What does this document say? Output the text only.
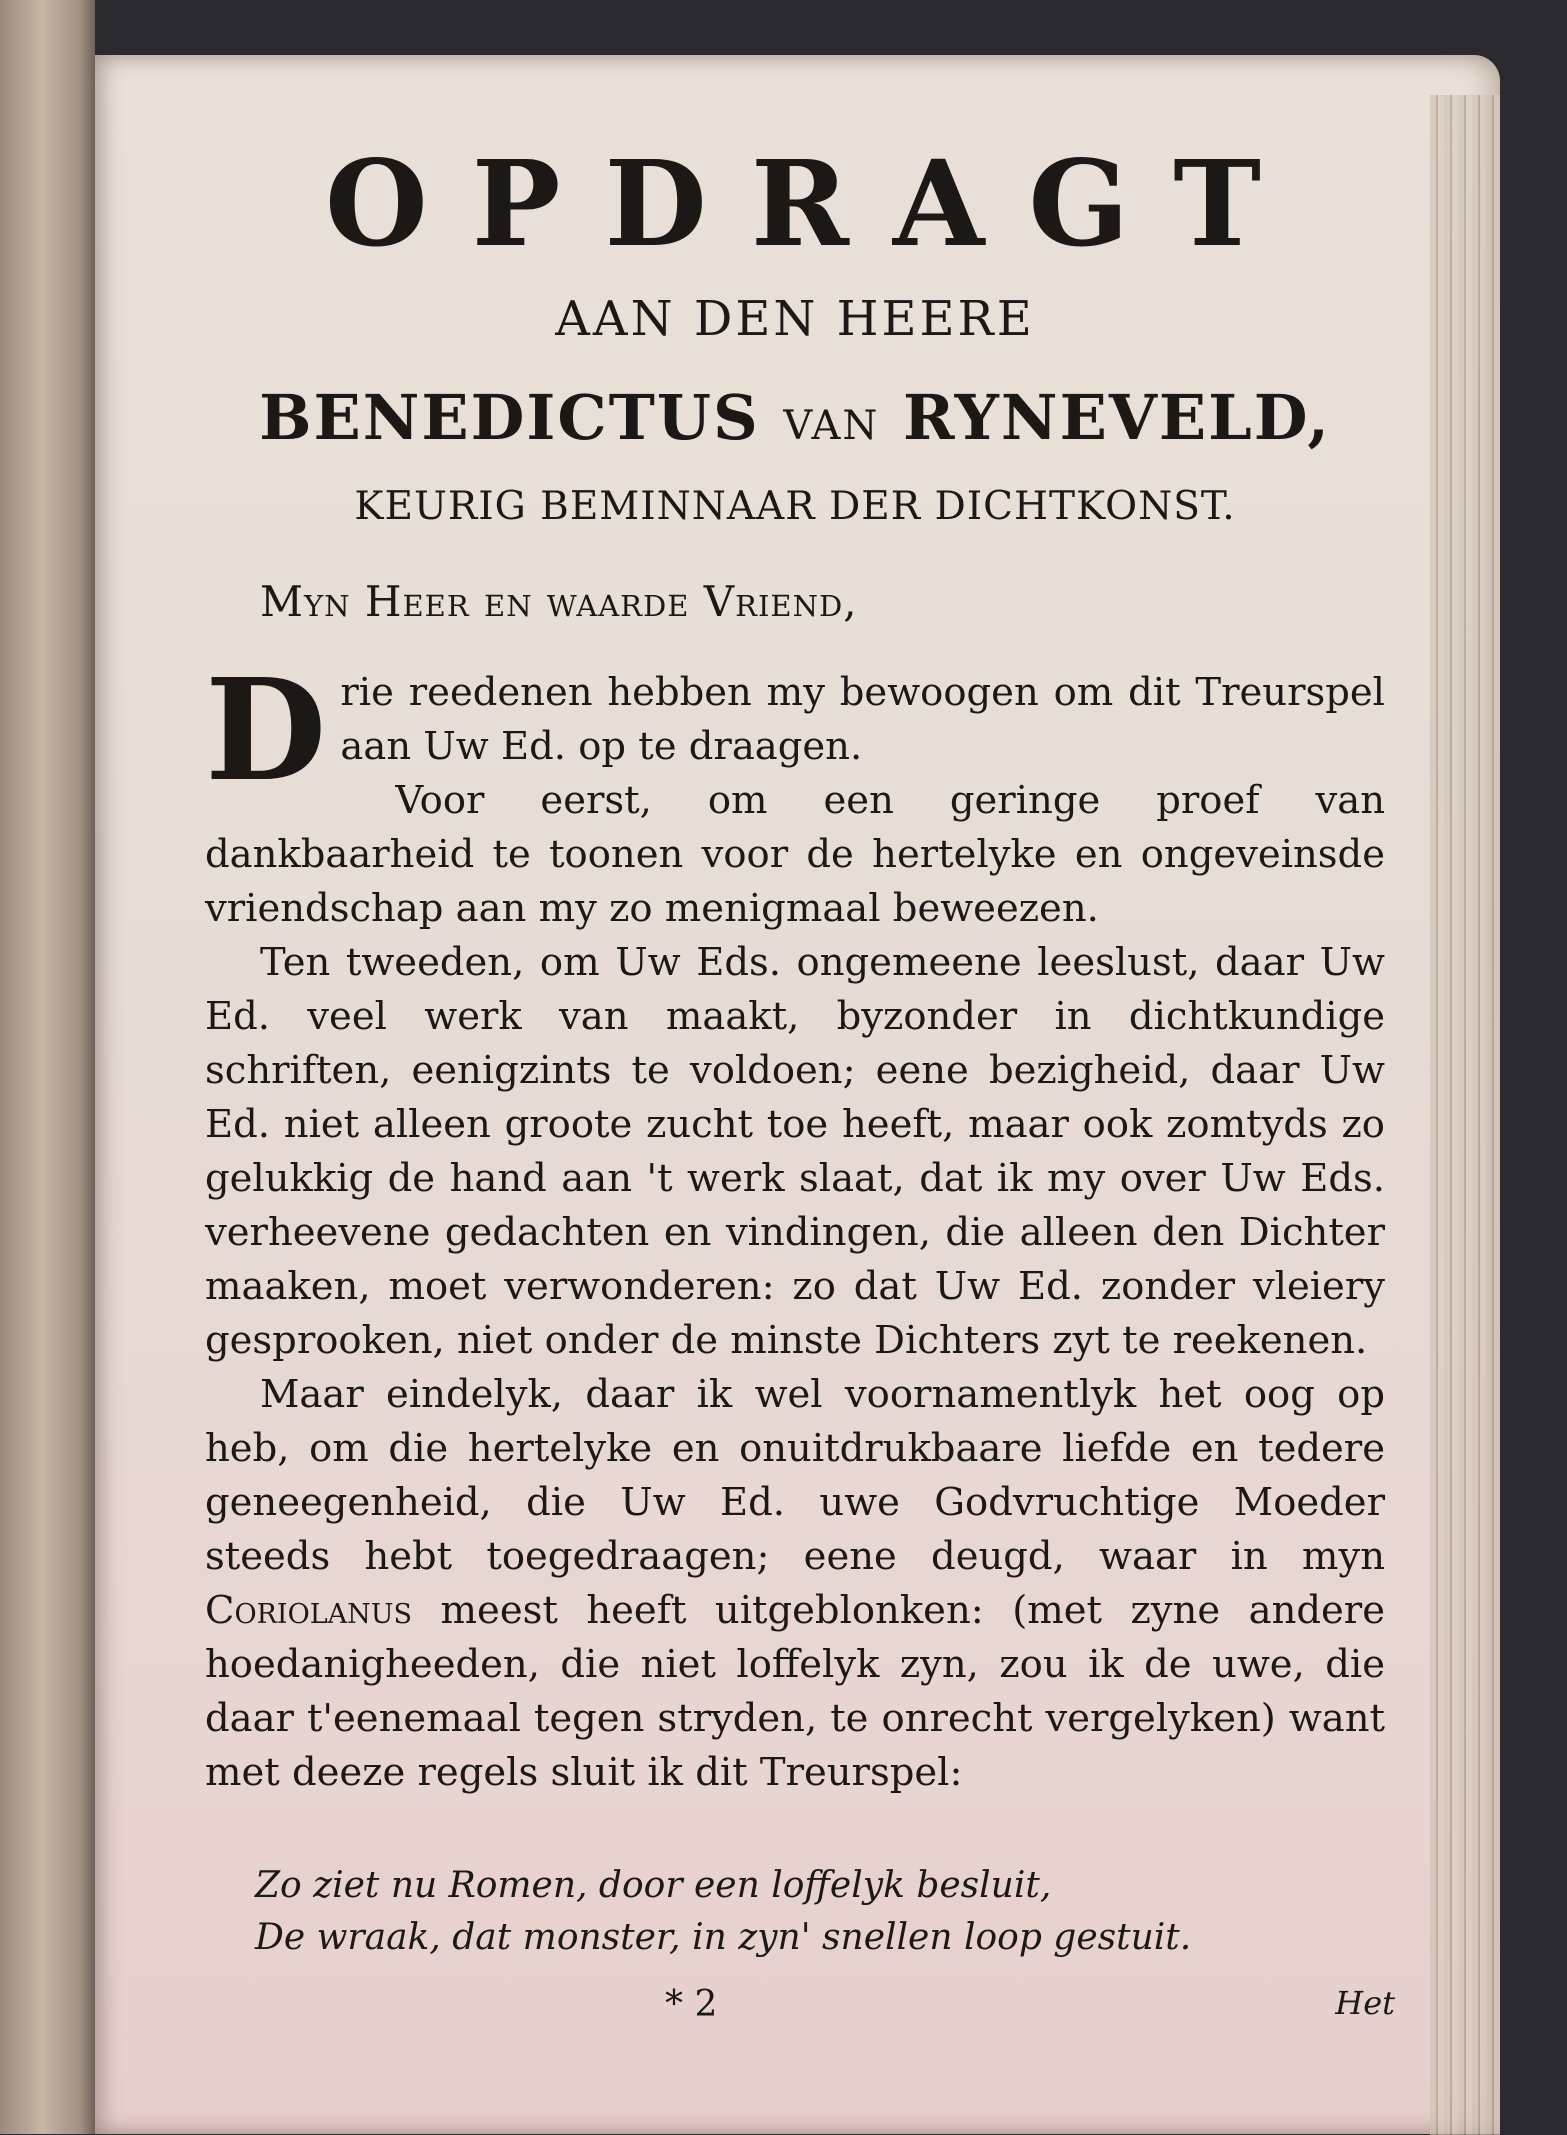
OPDRAGT
AAN DEN HEERE
BENEDICTUS VAN RYNEVELD,
KEURIG BEMINNAAR DER DICHTKONST.
Myn Heer en waarde Vriend,

D rie reedenen hebben my bewoogen om dit Treurspel aan Uw Ed. op te draagen.

Voor eerst, om een geringe proef van dankbaarheid te toonen voor de hertelyke en ongeveinsde vriendschap aan my zo menigmaal beweezen.

Ten tweeden, om Uw Eds. ongemeene leeslust, daar Uw Ed. veel werk van maakt, byzonder in dichtkundige schriften, eenigzints te voldoen; eene bezigheid, daar Uw Ed. niet alleen groote zucht toe heeft, maar ook zomtyds zo gelukkig de hand aan 't werk slaat, dat ik my over Uw Eds. verheevene gedachten en vindingen, die alleen den Dichter maaken, moet verwonderen: zo dat Uw Ed. zonder vleiery gesprooken, niet onder de minste Dichters zyt te reekenen.

Maar eindelyk, daar ik wel voornamentlyk het oog op heb, om die hertelyke en onuitdrukbaare liefde en tedere geneegenheid, die Uw Ed. uwe Godvruchtige Moeder steeds hebt toegedraagen; eene deugd, waar in myn Coriolanus meest heeft uitgeblonken: (met zyne andere hoedanigheeden, die niet loffelyk zyn, zou ik de uwe, die daar t'eenemaal tegen stryden, te onrecht vergelyken) want met deeze regels sluit ik dit Treurspel:

Zo ziet nu Romen, door een loffelyk besluit,
De wraak, dat monster, in zyn' snellen loop gestuit.
* 2	Het
